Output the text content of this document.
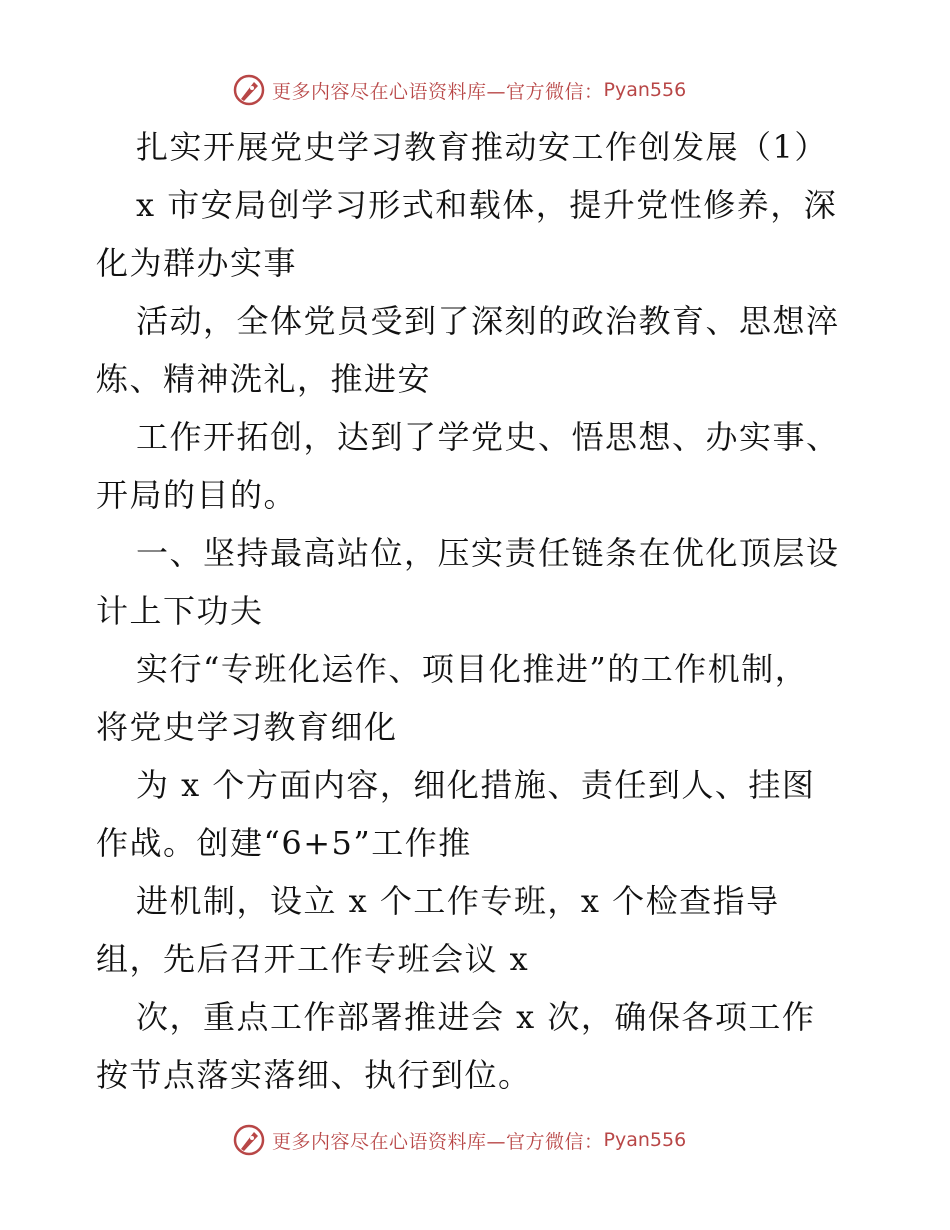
更多内容尽在心语资料库—官方微信： Pyan556
扎实开展党史学习教育推动安工作创发展（1）
x 市安局创学习形式和载体，提升党性修养，深
化为群办实事
活动，全体党员受到了深刻的政治教育、思想淬
炼、精神洗礼，推进安
工作开拓创，达到了学党史、悟思想、办实事、
开局的目的。
一、坚持最高站位，压实责任链条在优化顶层设
计上下功夫
实行“专班化运作、项目化推进”的工作机制，
将党史学习教育细化
为 x 个方面内容，细化措施、责任到人、挂图
作战。创建“6+5”工作推
进机制，设立 x 个工作专班，x 个检查指导
组，先后召开工作专班会议 x
次，重点工作部署推进会 x 次，确保各项工作
按节点落实落细、执行到位。
更多内容尽在心语资料库—官方微信： Pyan556
